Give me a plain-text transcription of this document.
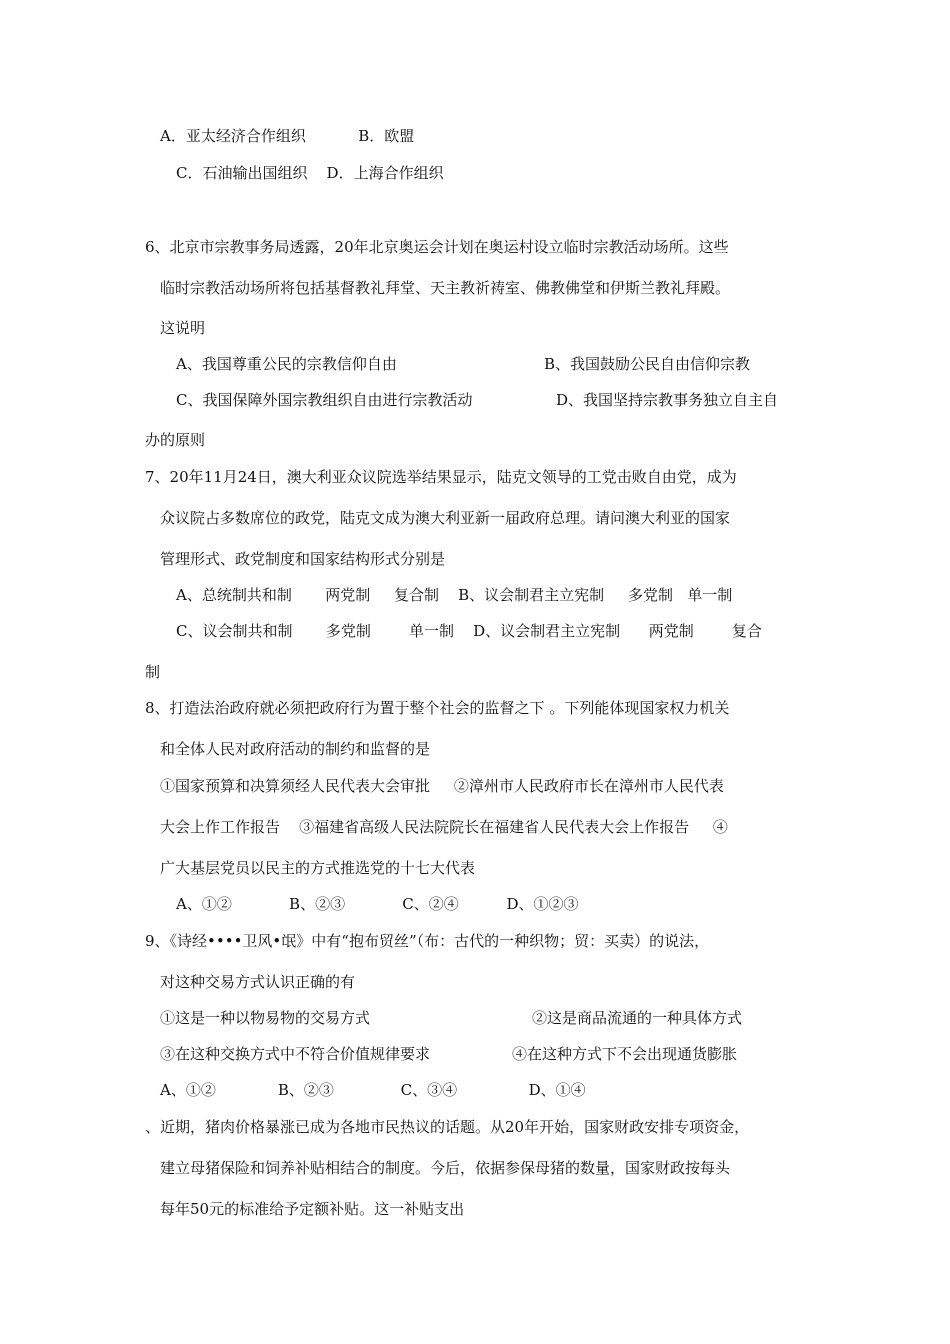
A．亚太经济合作组织           B．欧盟
C．石油输出国组织    D．上海合作组织
6、北京市宗教事务局透露，20年北京奥运会计划在奥运村设立临时宗教活动场所。这些
临时宗教活动场所将包括基督教礼拜堂、天主教祈祷室、佛教佛堂和伊斯兰教礼拜殿。
这说明
A、我国尊重公民的宗教信仰自由	B、我国鼓励公民自由信仰宗教
C、我国保障外国宗教组织自由进行宗教活动	D、我国坚持宗教事务独立自主自
办的原则
7、20年11月24日，澳大利亚众议院选举结果显示，陆克文领导的工党击败自由党，成为
众议院占多数席位的政党，陆克文成为澳大利亚新一届政府总理。请问澳大利亚的国家
管理形式、政党制度和国家结构形式分别是
A、总统制共和制       两党制     复合制    B、议会制君主立宪制     多党制   单一制
C、议会制共和制       多党制        单一制    D、议会制君主立宪制      两党制        复合
制
8、打造法治政府就必须把政府行为置于整个社会的监督之下 。下列能体现国家权力机关
和全体人民对政府活动的制约和监督的是
①国家预算和决算须经人民代表大会审批     ②漳州市人民政府市长在漳州市人民代表
大会上作工作报告    ③福建省高级人民法院院长在福建省人民代表大会上作报告     ④
广大基层党员以民主的方式推选党的十七大代表
A、①②            B、②③            C、②④          D、①②③
9、《诗经••••卫风•氓》中有“抱布贸丝”（布：古代的一种织物；贸：买卖）的说法，
对这种交易方式认识正确的有
①这是一种以物易物的交易方式	②这是商品流通的一种具体方式
③在这种交换方式中不符合价值规律要求	④在这种方式下不会出现通货膨胀
A、①②             B、②③              C、③④               D、①④
、近期，猪肉价格暴涨已成为各地市民热议的话题。从20年开始，国家财政安排专项资金，
建立母猪保险和饲养补贴相结合的制度。今后，依据参保母猪的数量，国家财政按每头
每年50元的标准给予定额补贴。这一补贴支出
